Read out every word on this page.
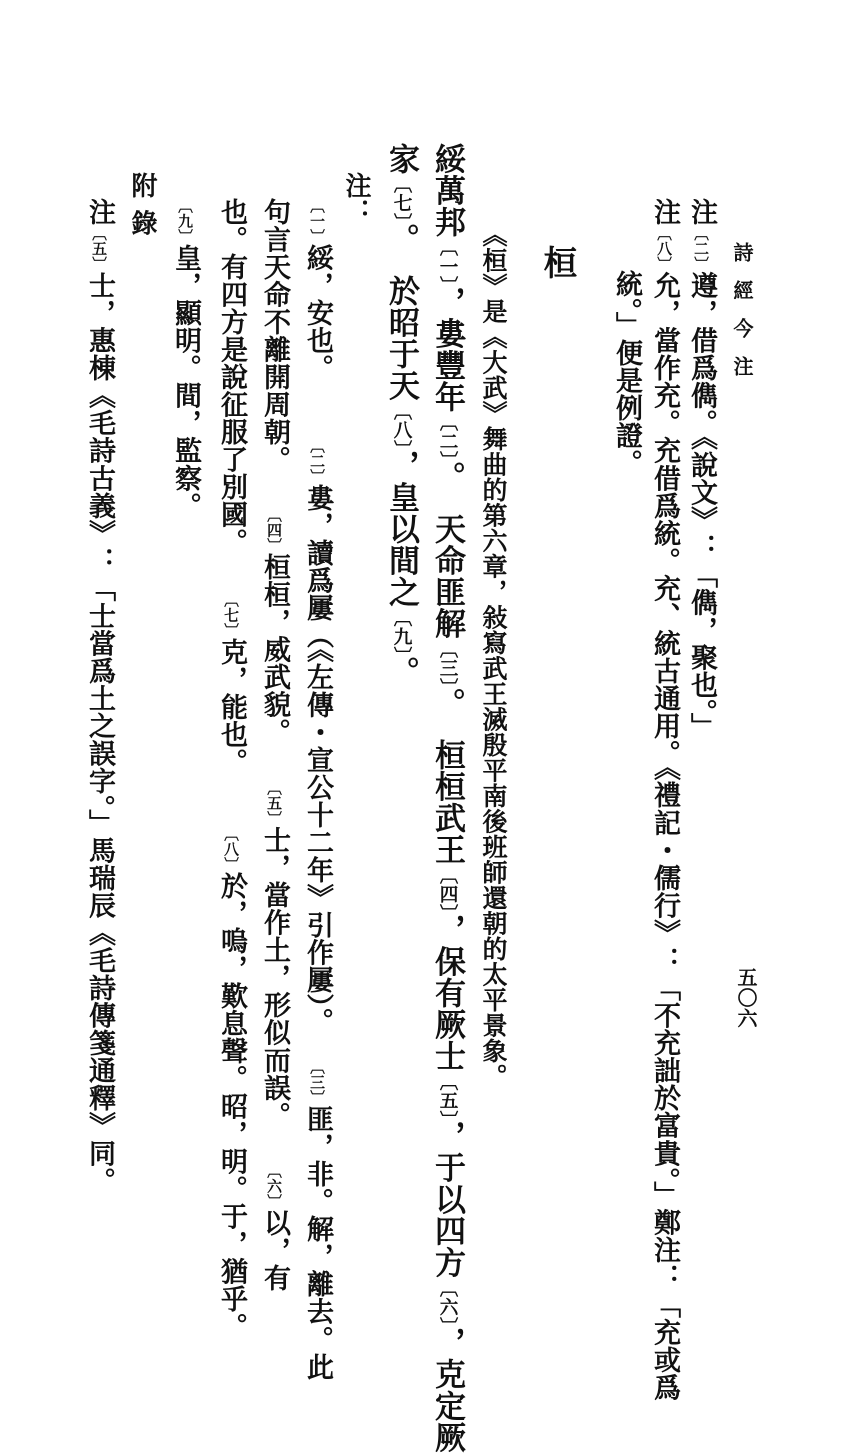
詩經今注
五〇六
注〔二〕遵，借爲儁。《說文》：「儁，聚也。」
注〔八〕允，當作充。充借爲統。充、統古通用。《禮記・儒行》：「不充詘於富貴。」鄭注：「充或爲
統。」便是例證。
桓
《桓》是《大武》舞曲的第六章，敍寫武王滅殷平南後班師還朝的太平景象。
綏萬邦〔一〕，婁豐年〔二〕。天命匪解〔三〕。桓桓武王〔四〕，保有厥士〔五〕，于以四方〔六〕，克定厥
家〔七〕。於昭于天〔八〕，皇以間之〔九〕。
注：
〔一〕綏，安也。〔二〕婁，讀爲屢（《左傳・宣公十二年》引作屢）。〔三〕匪，非。解，離去。此
句言天命不離開周朝。〔四〕桓桓，威武貌。〔五〕士，當作土，形似而誤。〔六〕以，有
也。有四方是說征服了別國。〔七〕克，能也。〔八〕於，嗚，歎息聲。昭，明。于，猶乎。
〔九〕皇，顯明。間，監察。
附錄
注〔五〕士，惠棟《毛詩古義》：「士當爲土之誤字。」馬瑞辰《毛詩傳箋通釋》同。
